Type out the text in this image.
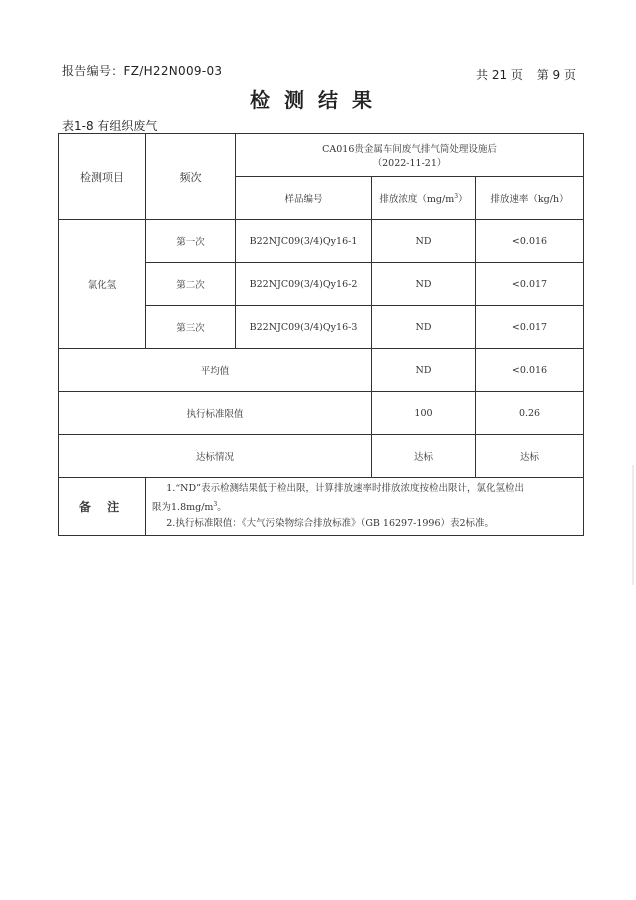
报告编号：FZ/H22N009-03	共 21 页 第 9 页
检测结果
表1-8 有组织废气
检测项目	频次	CA016贵金属车间废气排气筒处理设施后
（2022-11-21）		

		样品编号	排放浓度$(mg/m^3)$	排放速率（kg/h）
氯化氢	第一次	B22NJC09(3/4)Qy16-1	ND	<0.016
	第二次	B22NJC09(3/4)Qy16-2	ND	<0.017
	第三次	B22NJC09(3/4)Qy16-3	ND	<0.017
平均值			ND	<0.016
执行标准限值			100	0.26
达标情况			达标	达标
备 注	1.“ND”表示检测结果低于检出限，计算排放速率时排放浓度按检出限计，氯化氢检出
限为$1.8mg/m^3$。
2.执行标准限值：《大气污染物综合排放标准》（GB 16297-1996）表2标准。			
